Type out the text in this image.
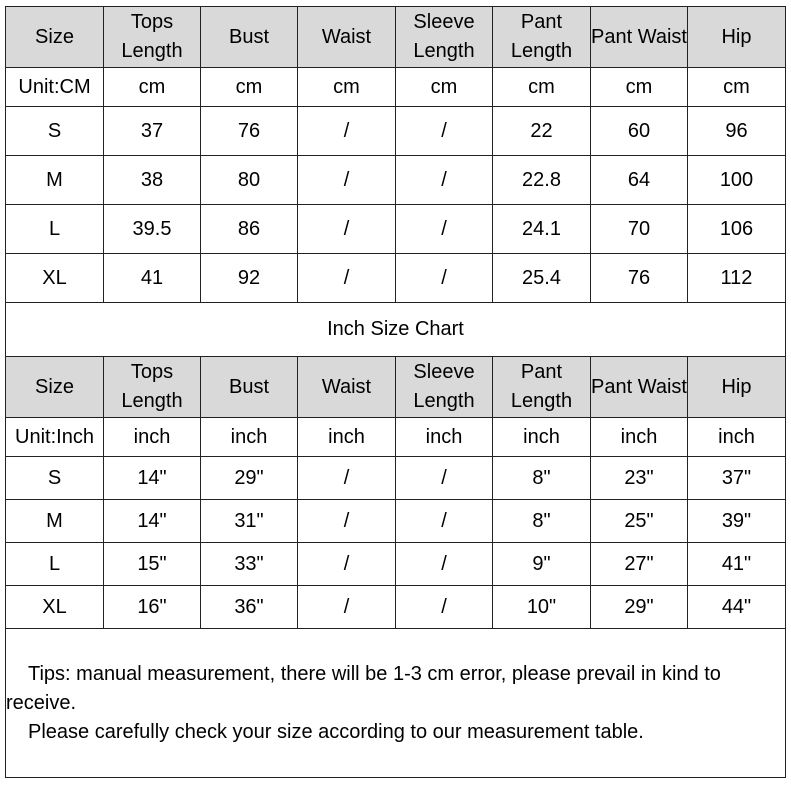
Size	Tops Length	Bust	Waist	Sleeve Length	Pant Length	Pant Waist	Hip
Unit:CM	cm	cm	cm	cm	cm	cm	cm
S	37	76	/	/	22	60	96
M	38	80	/	/	22.8	64	100
L	39.5	86	/	/	24.1	70	106
XL	41	92	/	/	25.4	76	112
Inch Size Chart							
Size	Tops Length	Bust	Waist	Sleeve Length	Pant Length	Pant Waist	Hip
Unit:Inch	inch	inch	inch	inch	inch	inch	inch
S	14"	29"	/	/	8"	23"	37"
M	14"	31"	/	/	8"	25"	39"
L	15"	33"	/	/	9"	27"	41"
XL	16"	36"	/	/	10"	29"	44"

Tips: manual measurement, there will be 1-3 cm error, please prevail in kind to receive.
Please carefully check your size according to our measurement table.							
